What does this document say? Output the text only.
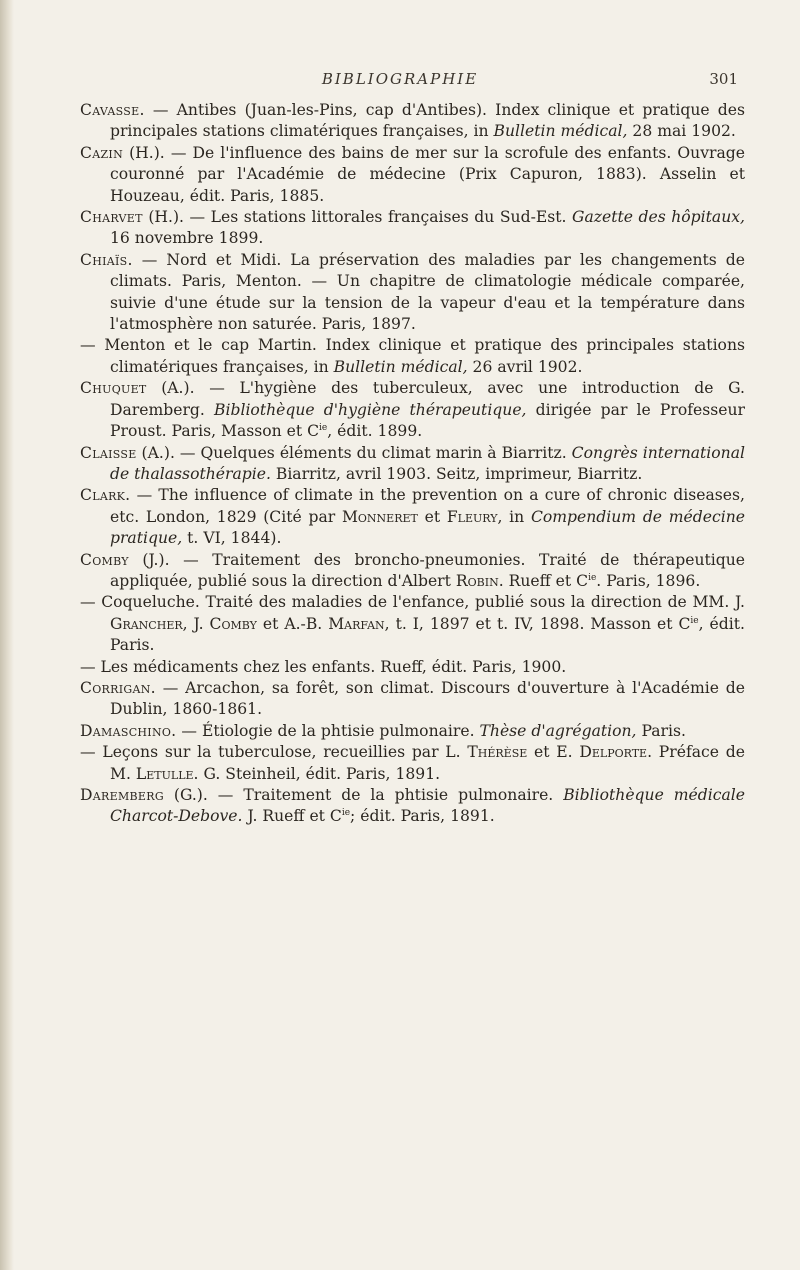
BIBLIOGRAPHIE	301
Cavasse. — Antibes (Juan-les-Pins, cap d'Antibes). Index clinique et pratique des principales stations climatériques françaises, in Bulletin médical, 28 mai 1902.
Cazin (H.). — De l'influence des bains de mer sur la scrofule des enfants. Ouvrage couronné par l'Académie de médecine (Prix Capuron, 1883). Asselin et Houzeau, édit. Paris, 1885.
Charvet (H.). — Les stations littorales françaises du Sud-Est. Gazette des hôpitaux, 16 novembre 1899.
Chiaïs. — Nord et Midi. La préservation des maladies par les changements de climats. Paris, Menton. — Un chapitre de climatologie médicale comparée, suivie d'une étude sur la tension de la vapeur d'eau et la température dans l'atmosphère non saturée. Paris, 1897.
— Menton et le cap Martin. Index clinique et pratique des principales stations climatériques françaises, in Bulletin médical, 26 avril 1902.
Chuquet (A.). — L'hygiène des tuberculeux, avec une introduction de G. Daremberg. Bibliothèque d'hygiène thérapeutique, dirigée par le Professeur Proust. Paris, Masson et $C^{ie}$, édit. 1899.
Claisse (A.). — Quelques éléments du climat marin à Biarritz. Congrès international de thalassothérapie. Biarritz, avril 1903. Seitz, imprimeur, Biarritz.
Clark. — The influence of climate in the prevention on a cure of chronic diseases, etc. London, 1829 (Cité par Monneret et Fleury, in Compendium de médecine pratique, t. VI, 1844).
Comby (J.). — Traitement des broncho-pneumonies. Traité de thérapeutique appliquée, publié sous la direction d'Albert Robin. Rueff et $C^{ie}$. Paris, 1896.
— Coqueluche. Traité des maladies de l'enfance, publié sous la direction de MM. J. Grancher, J. Comby et A.-B. Marfan, t. I, 1897 et t. IV, 1898. Masson et $C^{ie}$, édit. Paris.
— Les médicaments chez les enfants. Rueff, édit. Paris, 1900.
Corrigan. — Arcachon, sa forêt, son climat. Discours d'ouverture à l'Académie de Dublin, 1860-1861.
Damaschino. — Étiologie de la phtisie pulmonaire. Thèse d'agrégation, Paris.
— Leçons sur la tuberculose, recueillies par L. Thérèse et E. Delporte. Préface de M. Letulle. G. Steinheil, édit. Paris, 1891.
Daremberg (G.). — Traitement de la phtisie pulmonaire. Bibliothèque médicale Charcot-Debove. J. Rueff et $C^{ie}$; édit. Paris, 1891.
